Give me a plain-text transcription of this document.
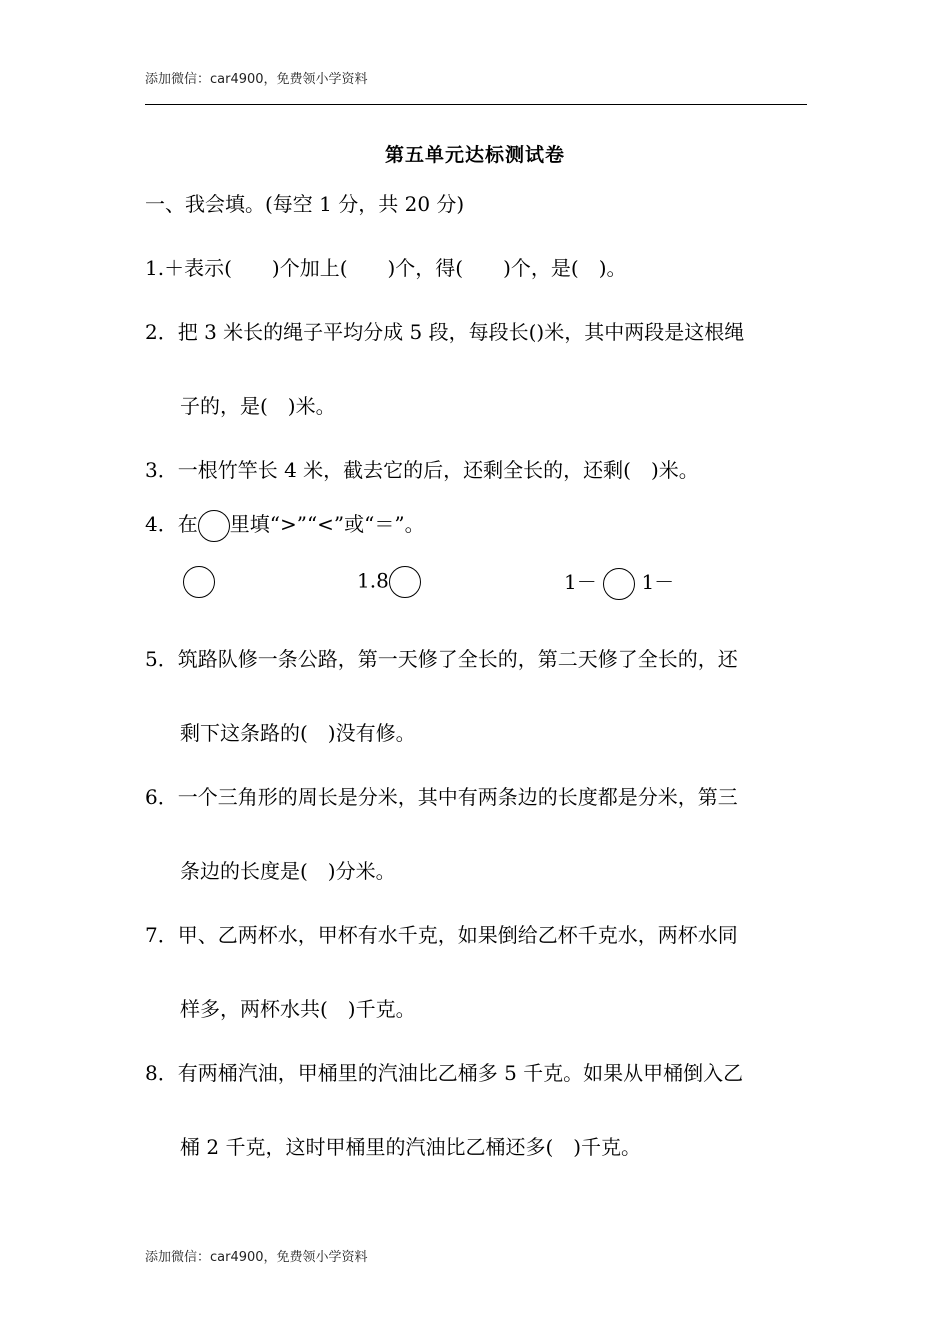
添加微信：car4900，免费领小学资料
第五单元达标测试卷
一、我会填。(每空 1 分，共 20 分)
1.＋表示(　　)个加上(　　)个，得(　　)个，是(　)。
2．把 3 米长的绳子平均分成 5 段，每段长()米，其中两段是这根绳
子的，是(　)米。
3．一根竹竿长 4 米，截去它的后，还剩全长的，还剩(　)米。
4．在 里填“>”“<”或“＝”。
1.8	1－ 1－
5．筑路队修一条公路，第一天修了全长的，第二天修了全长的，还
剩下这条路的(　)没有修。
6．一个三角形的周长是分米，其中有两条边的长度都是分米，第三
条边的长度是(　)分米。
7．甲、乙两杯水，甲杯有水千克，如果倒给乙杯千克水，两杯水同
样多，两杯水共(　)千克。
8．有两桶汽油，甲桶里的汽油比乙桶多 5 千克。如果从甲桶倒入乙
桶 2 千克，这时甲桶里的汽油比乙桶还多(　)千克。
添加微信：car4900，免费领小学资料
